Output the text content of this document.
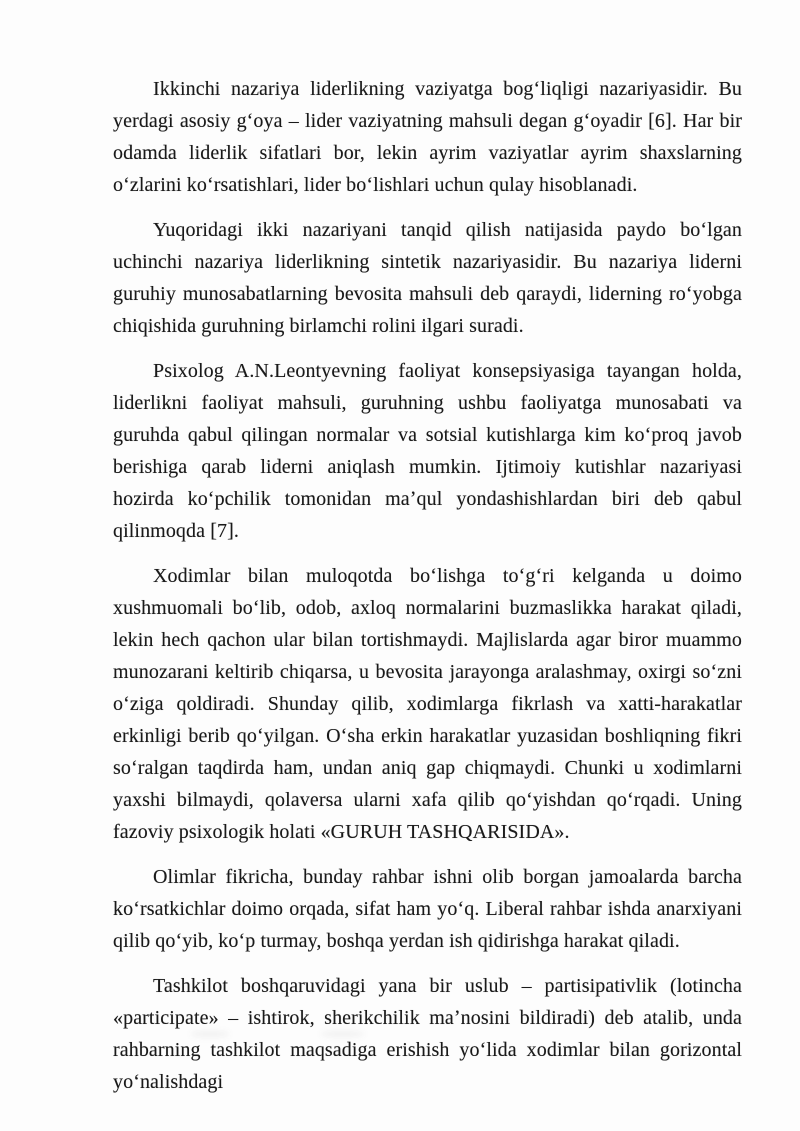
Ikkinchi nazariya liderlikning vaziyatga bogʻliqligi nazariyasidir. Bu yerdagi asosiy gʻoya – lider vaziyatning mahsuli degan gʻoyadir [6]. Har bir odamda liderlik sifatlari bor, lekin ayrim vaziyatlar ayrim shaxslarning oʻzlarini koʻrsatishlari, lider boʻlishlari uchun qulay hisoblanadi.

Yuqoridagi ikki nazariyani tanqid qilish natijasida paydo boʻlgan uchinchi nazariya liderlikning sintetik nazariyasidir. Bu nazariya liderni guruhiy munosabatlarning bevosita mahsuli deb qaraydi, liderning roʻyobga chiqishida guruhning birlamchi rolini ilgari suradi.

Psixolog A.N.Leontyevning faoliyat konsepsiyasiga tayangan holda, liderlikni faoliyat mahsuli, guruhning ushbu faoliyatga munosabati va guruhda qabul qilingan normalar va sotsial kutishlarga kim koʻproq javob berishiga qarab liderni aniqlash mumkin. Ijtimoiy kutishlar nazariyasi hozirda koʻpchilik tomonidan maʼqul yondashishlardan biri deb qabul qilinmoqda [7].

Xodimlar bilan muloqotda boʻlishga toʻgʻri kelganda u doimo xushmuomali boʻlib, odob, axloq normalarini buzmaslikka harakat qiladi, lekin hech qachon ular bilan tortishmaydi. Majlislarda agar biror muammo munozarani keltirib chiqarsa, u bevosita jarayonga aralashmay, oxirgi soʻzni oʻziga qoldiradi. Shunday qilib, xodimlarga fikrlash va xatti-harakatlar erkinligi berib qoʻyilgan. Oʻsha erkin harakatlar yuzasidan boshliqning fikri soʻralgan taqdirda ham, undan aniq gap chiqmaydi. Chunki u xodimlarni yaxshi bilmaydi, qolaversa ularni xafa qilib qoʻyishdan qoʻrqadi. Uning fazoviy psixologik holati «GURUH TASHQARISIDA».

Olimlar fikricha, bunday rahbar ishni olib borgan jamoalarda barcha koʻrsatkichlar doimo orqada, sifat ham yoʻq. Liberal rahbar ishda anarxiyani qilib qoʻyib, koʻp turmay, boshqa yerdan ish qidirishga harakat qiladi.

Tashkilot boshqaruvidagi yana bir uslub – partisipativlik (lotincha «participate» – ishtirok, sherikchilik maʼnosini bildiradi) deb atalib, unda rahbarning tashkilot maqsadiga erishish yoʻlida xodimlar bilan gorizontal yoʻnalishdagi
